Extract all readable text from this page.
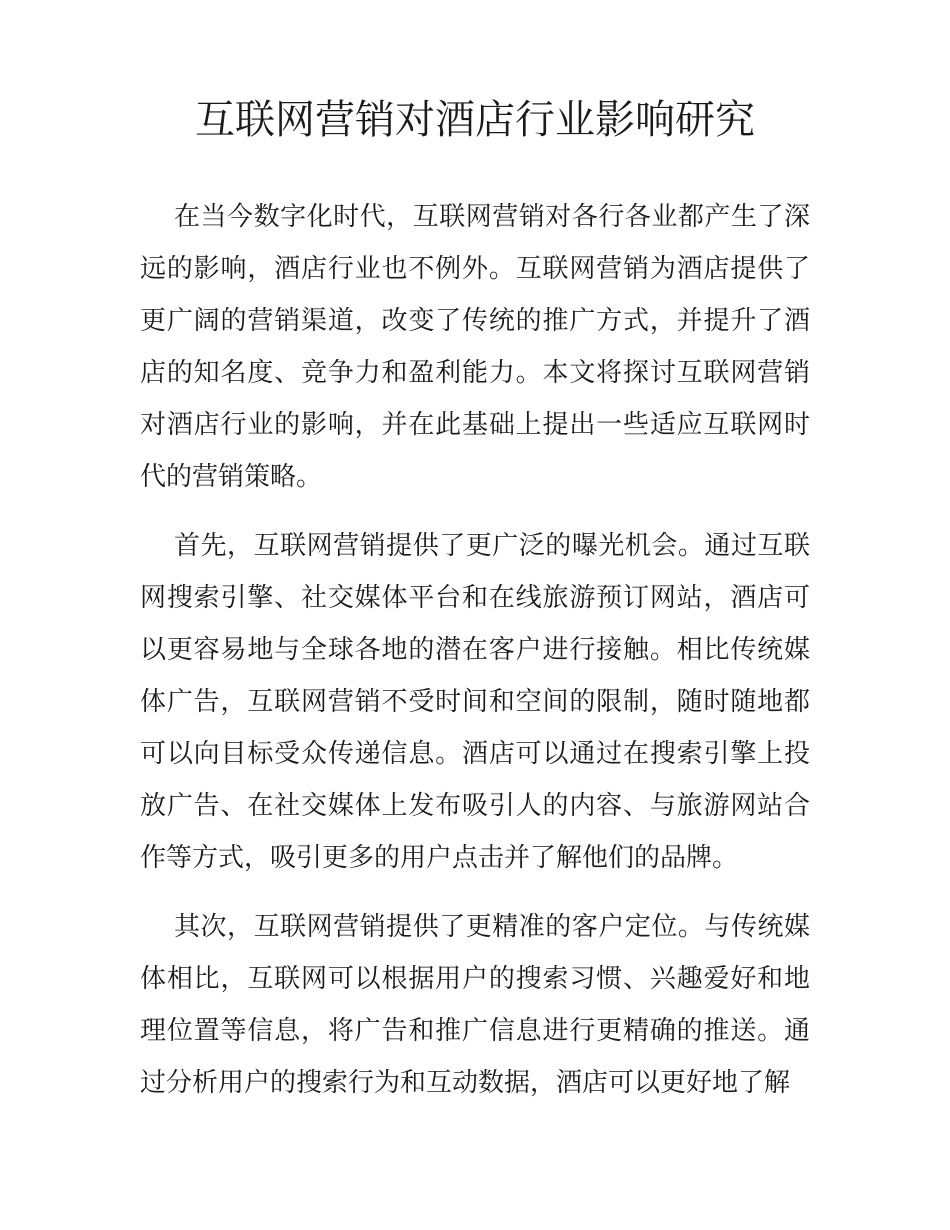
互联网营销对酒店行业影响研究

在当今数字化时代，互联网营销对各行各业都产生了深远的影响，酒店行业也不例外。互联网营销为酒店提供了更广阔的营销渠道，改变了传统的推广方式，并提升了酒店的知名度、竞争力和盈利能力。本文将探讨互联网营销对酒店行业的影响，并在此基础上提出一些适应互联网时代的营销策略。

首先，互联网营销提供了更广泛的曝光机会。通过互联网搜索引擎、社交媒体平台和在线旅游预订网站，酒店可以更容易地与全球各地的潜在客户进行接触。相比传统媒体广告，互联网营销不受时间和空间的限制，随时随地都可以向目标受众传递信息。酒店可以通过在搜索引擎上投放广告、在社交媒体上发布吸引人的内容、与旅游网站合作等方式，吸引更多的用户点击并了解他们的品牌。

其次，互联网营销提供了更精准的客户定位。与传统媒体相比，互联网可以根据用户的搜索习惯、兴趣爱好和地理位置等信息，将广告和推广信息进行更精确的推送。通过分析用户的搜索行为和互动数据，酒店可以更好地了解
